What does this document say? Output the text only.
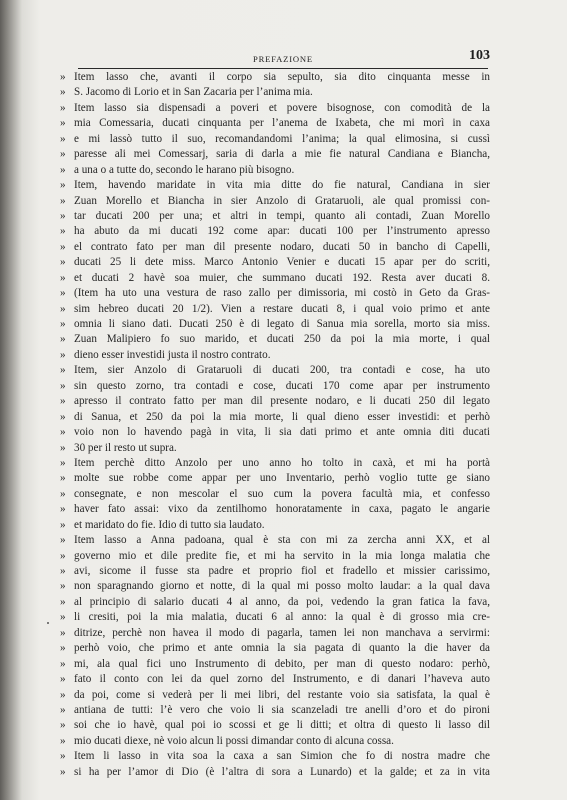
PREFAZIONE	103
» Item lasso che, avanti il corpo sia sepulto, sia dito cinquanta messe in
» S. Jacomo di Lorio et in San Zacaria per l’anima mia.
» Item lasso sia dispensadi a poveri et povere bisognose, con comodità de la
» mia Comessaria, ducati cinquanta per l’anema de Ixabeta, che mi morì in caxa
» e mi lassò tutto il suo, recomandandomi l’anima; la qual elimosina, si cussì
» paresse ali mei Comessarj, saria di darla a mie fie natural Candiana e Biancha,
» a una o a tutte do, secondo le harano più bisogno.
» Item, havendo maridate in vita mia ditte do fie natural, Candiana in sier
» Zuan Morello et Biancha in sier Anzolo di Grataruoli, ale qual promissi con-
» tar ducati 200 per una; et altri in tempi, quanto ali contadi, Zuan Morello
» ha abuto da mi ducati 192 come apar: ducati 100 per l’instrumento apresso
» el contrato fato per man dil presente nodaro, ducati 50 in bancho di Capelli,
» ducati 25 li dete miss. Marco Antonio Venier e ducati 15 apar per do scriti,
» et ducati 2 havè soa muier, che summano ducati 192. Resta aver ducati 8.
» (Item ha uto una vestura de raso zallo per dimissoria, mi costò in Geto da Gras-
» sim hebreo ducati 20 1/2). Vien a restare ducati 8, i qual voio primo et ante
» omnia li siano dati. Ducati 250 è di legato di Sanua mia sorella, morto sia miss.
» Zuan Malipiero fo suo marido, et ducati 250 da poi la mia morte, i qual
» dieno esser investidi justa il nostro contrato.
» Item, sier Anzolo di Grataruoli di ducati 200, tra contadi e cose, ha uto
» sin questo zorno, tra contadi e cose, ducati 170 come apar per instrumento
» apresso il contrato fatto per man dil presente nodaro, e li ducati 250 dil legato
» di Sanua, et 250 da poi la mia morte, li qual dieno esser investidi: et perhò
» voio non lo havendo pagà in vita, li sia dati primo et ante omnia diti ducati
» 30 per il resto ut supra.
» Item perchè ditto Anzolo per uno anno ho tolto in caxà, et mi ha portà
» molte sue robbe come appar per uno Inventario, perhò voglio tutte ge siano
» consegnate, e non mescolar el suo cum la povera facultà mia, et confesso
» haver fato assai: vixo da zentilhomo honoratamente in caxa, pagato le angarie
» et maridato do fie. Idio di tutto sia laudato.
» Item lasso a Anna padoana, qual è sta con mi za zercha anni XX, et al
» governo mio et dile predite fie, et mi ha servito in la mia longa malatia che
» avi, sicome il fusse sta padre et proprio fiol et fradello et missier carissimo,
» non sparagnando giorno et notte, di la qual mi posso molto laudar: a la qual dava
» al principio di salario ducati 4 al anno, da poi, vedendo la gran fatica la fava,
» li cresiti, poi la mia malatia, ducati 6 al anno: la qual è di grosso mia cre-
» ditrize, perchè non havea il modo di pagarla, tamen lei non manchava a servirmi:
» perhò voio, che primo et ante omnia la sia pagata di quanto la die haver da
» mi, ala qual fici uno Instrumento di debito, per man di questo nodaro: perhò,
» fato il conto con lei da quel zorno del Instrumento, e di danari l’haveva auto
» da poi, come si vederà per li mei libri, del restante voio sia satisfata, la qual è
» antiana de tutti: l’è vero che voio li sia scanzeladi tre anelli d’oro et do pironi
» soi che io havè, qual poi io scossi et ge li ditti; et oltra di questo li lasso dil
» mio ducati diexe, nè voio alcun li possi dimandar conto di alcuna cossa.
» Item li lasso in vita soa la caxa a san Simion che fo di nostra madre che
» si ha per l’amor di Dio (è l’altra di sora a Lunardo) et la galde; et za in vita
